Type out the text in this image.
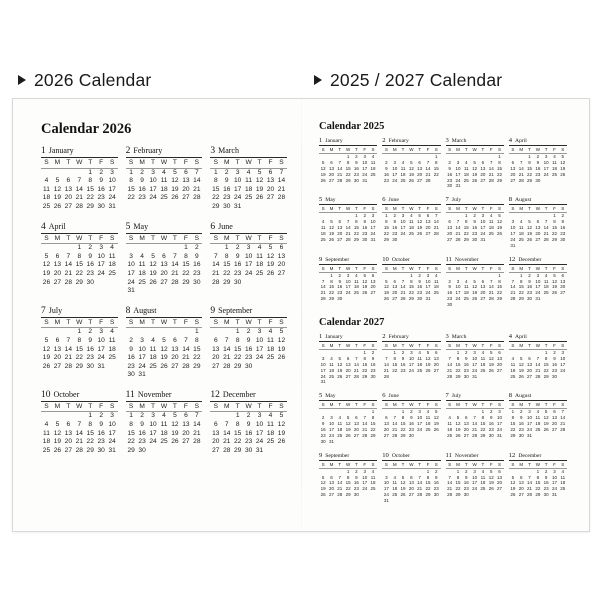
2026 Calendar	2025 / 2027 Calendar
Calendar 2026
1 January
S	M	T	W	T	F	S
				1	2	3
4	5	6	7	8	9	10
11	12	13	14	15	16	17
18	19	20	21	22	23	24
25	26	27	28	29	30	31
2 February
S	M	T	W	T	F	S
1	2	3	4	5	6	7
8	9	10	11	12	13	14
15	16	17	18	19	20	21
22	23	24	25	26	27	28
3 March
S	M	T	W	T	F	S
1	2	3	4	5	6	7
8	9	10	11	12	13	14
15	16	17	18	19	20	21
22	23	24	25	26	27	28
29	30	31				
4 April
S	M	T	W	T	F	S
			1	2	3	4
5	6	7	8	9	10	11
12	13	14	15	16	17	18
19	20	21	22	23	24	25
26	27	28	29	30		
5 May
S	M	T	W	T	F	S
					1	2
3	4	5	6	7	8	9
10	11	12	13	14	15	16
17	18	19	20	21	22	23
24	25	26	27	28	29	30
31						
6 June
S	M	T	W	T	F	S
	1	2	3	4	5	6
7	8	9	10	11	12	13
14	15	16	17	18	19	20
21	22	23	24	25	26	27
28	29	30				
7 July
S	M	T	W	T	F	S
			1	2	3	4
5	6	7	8	9	10	11
12	13	14	15	16	17	18
19	20	21	22	23	24	25
26	27	28	29	30	31	
8 August
S	M	T	W	T	F	S
						1
2	3	4	5	6	7	8
9	10	11	12	13	14	15
16	17	18	19	20	21	22
23	24	25	26	27	28	29
30	31					
9 September
S	M	T	W	T	F	S
		1	2	3	4	5
6	7	8	9	10	11	12
13	14	15	16	17	18	19
20	21	22	23	24	25	26
27	28	29	30			
10 October
S	M	T	W	T	F	S
				1	2	3
4	5	6	7	8	9	10
11	12	13	14	15	16	17
18	19	20	21	22	23	24
25	26	27	28	29	30	31
11 November
S	M	T	W	T	F	S
1	2	3	4	5	6	7
8	9	10	11	12	13	14
15	16	17	18	19	20	21
22	23	24	25	26	27	28
29	30					
12 December
S	M	T	W	T	F	S
		1	2	3	4	5
6	7	8	9	10	11	12
13	14	15	16	17	18	19
20	21	22	23	24	25	26
27	28	29	30	31		
Calendar 2025
1 January
S	M	T	W	T	F	S
			1	2	3	4
5	6	7	8	9	10	11
12	13	14	15	16	17	18
19	20	21	22	23	24	25
26	27	28	29	30	31	
2 February
S	M	T	W	T	F	S
						1
2	3	4	5	6	7	8
9	10	11	12	13	14	15
16	17	18	19	20	21	22
23	24	25	26	27	28	
3 March
S	M	T	W	T	F	S
						1
2	3	4	5	6	7	8
9	10	11	12	13	14	15
16	17	18	19	20	21	22
23	24	25	26	27	28	29
30	31					
4 April
S	M	T	W	T	F	S
		1	2	3	4	5
6	7	8	9	10	11	12
13	14	15	16	17	18	19
20	21	22	23	24	25	26
27	28	29	30			
5 May
S	M	T	W	T	F	S
				1	2	3
4	5	6	7	8	9	10
11	12	13	14	15	16	17
18	19	20	21	22	23	24
25	26	27	28	29	30	31
6 June
S	M	T	W	T	F	S
1	2	3	4	5	6	7
8	9	10	11	12	13	14
15	16	17	18	19	20	21
22	23	24	25	26	27	28
29	30					
7 July
S	M	T	W	T	F	S
		1	2	3	4	5
6	7	8	9	10	11	12
13	14	15	16	17	18	19
20	21	22	23	24	25	26
27	28	29	30	31		
8 August
S	M	T	W	T	F	S
					1	2
3	4	5	6	7	8	9
10	11	12	13	14	15	16
17	18	19	20	21	22	23
24	25	26	27	28	29	30
31						
9 September
S	M	T	W	T	F	S
	1	2	3	4	5	6
7	8	9	10	11	12	13
14	15	16	17	18	19	20
21	22	23	24	25	26	27
28	29	30				
10 October
S	M	T	W	T	F	S
			1	2	3	4
5	6	7	8	9	10	11
12	13	14	15	16	17	18
19	20	21	22	23	24	25
26	27	28	29	30	31	
11 November
S	M	T	W	T	F	S
						1
2	3	4	5	6	7	8
9	10	11	12	13	14	15
16	17	18	19	20	21	22
23	24	25	26	27	28	29
30						
12 December
S	M	T	W	T	F	S
	1	2	3	4	5	6
7	8	9	10	11	12	13
14	15	16	17	18	19	20
21	22	23	24	25	26	27
28	29	30	31			
Calendar 2027
1 January
S	M	T	W	T	F	S
					1	2
3	4	5	6	7	8	9
10	11	12	13	14	15	16
17	18	19	20	21	22	23
24	25	26	27	28	29	30
31						
2 February
S	M	T	W	T	F	S
	1	2	3	4	5	6
7	8	9	10	11	12	13
14	15	16	17	18	19	20
21	22	23	24	25	26	27
28						
3 March
S	M	T	W	T	F	S
	1	2	3	4	5	6
7	8	9	10	11	12	13
14	15	16	17	18	19	20
21	22	23	24	25	26	27
28	29	30	31			
4 April
S	M	T	W	T	F	S
				1	2	3
4	5	6	7	8	9	10
11	12	13	14	15	16	17
18	19	20	21	22	23	24
25	26	27	28	29	30	
5 May
S	M	T	W	T	F	S
						1
2	3	4	5	6	7	8
9	10	11	12	13	14	15
16	17	18	19	20	21	22
23	24	25	26	27	28	29
30	31					
6 June
S	M	T	W	T	F	S
		1	2	3	4	5
6	7	8	9	10	11	12
13	14	15	16	17	18	19
20	21	22	23	24	25	26
27	28	29	30			
7 July
S	M	T	W	T	F	S
				1	2	3
4	5	6	7	8	9	10
11	12	13	14	15	16	17
18	19	20	21	22	23	24
25	26	27	28	29	30	31
8 August
S	M	T	W	T	F	S
1	2	3	4	5	6	7
8	9	10	11	12	13	14
15	16	17	18	19	20	21
22	23	24	25	26	27	28
29	30	31				
9 September
S	M	T	W	T	F	S
			1	2	3	4
5	6	7	8	9	10	11
12	13	14	15	16	17	18
19	20	21	22	23	24	25
26	27	28	29	30		
10 October
S	M	T	W	T	F	S
					1	2
3	4	5	6	7	8	9
10	11	12	13	14	15	16
17	18	19	20	21	22	23
24	25	26	27	28	29	30
31						
11 November
S	M	T	W	T	F	S
	1	2	3	4	5	6
7	8	9	10	11	12	13
14	15	16	17	18	19	20
21	22	23	24	25	26	27
28	29	30				
12 December
S	M	T	W	T	F	S
			1	2	3	4
5	6	7	8	9	10	11
12	13	14	15	16	17	18
19	20	21	22	23	24	25
26	27	28	29	30	31	
